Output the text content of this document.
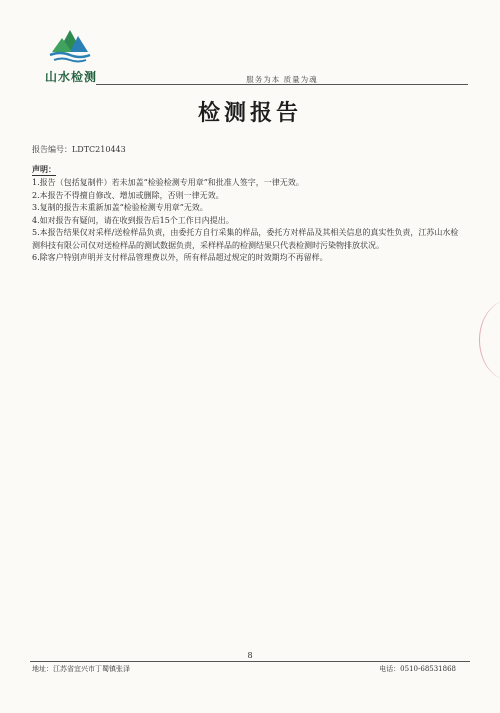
山水检测	服务为本 质量为魂
检测报告
报告编号：LDTC210443
声明：

1.报告（包括复制件）若未加盖“检验检测专用章”和批准人签字，一律无效。

2.本报告不得擅自修改、增加或删除，否则一律无效。

3.复制的报告未重新加盖“检验检测专用章”无效。

4.如对报告有疑问，请在收到报告后15个工作日内提出。

5.本报告结果仅对采样/送检样品负责，由委托方自行采集的样品，委托方对样品及其相关信息的真实性负责，江苏山水检测科技有限公司仅对送检样品的测试数据负责，采样样品的检测结果只代表检测时污染物排放状况。

6.除客户特别声明并支付样品管理费以外，所有样品超过规定的时效期均不再留样。

8
地址：江苏省宜兴市丁蜀镇张泽	电话：0510-68531868
